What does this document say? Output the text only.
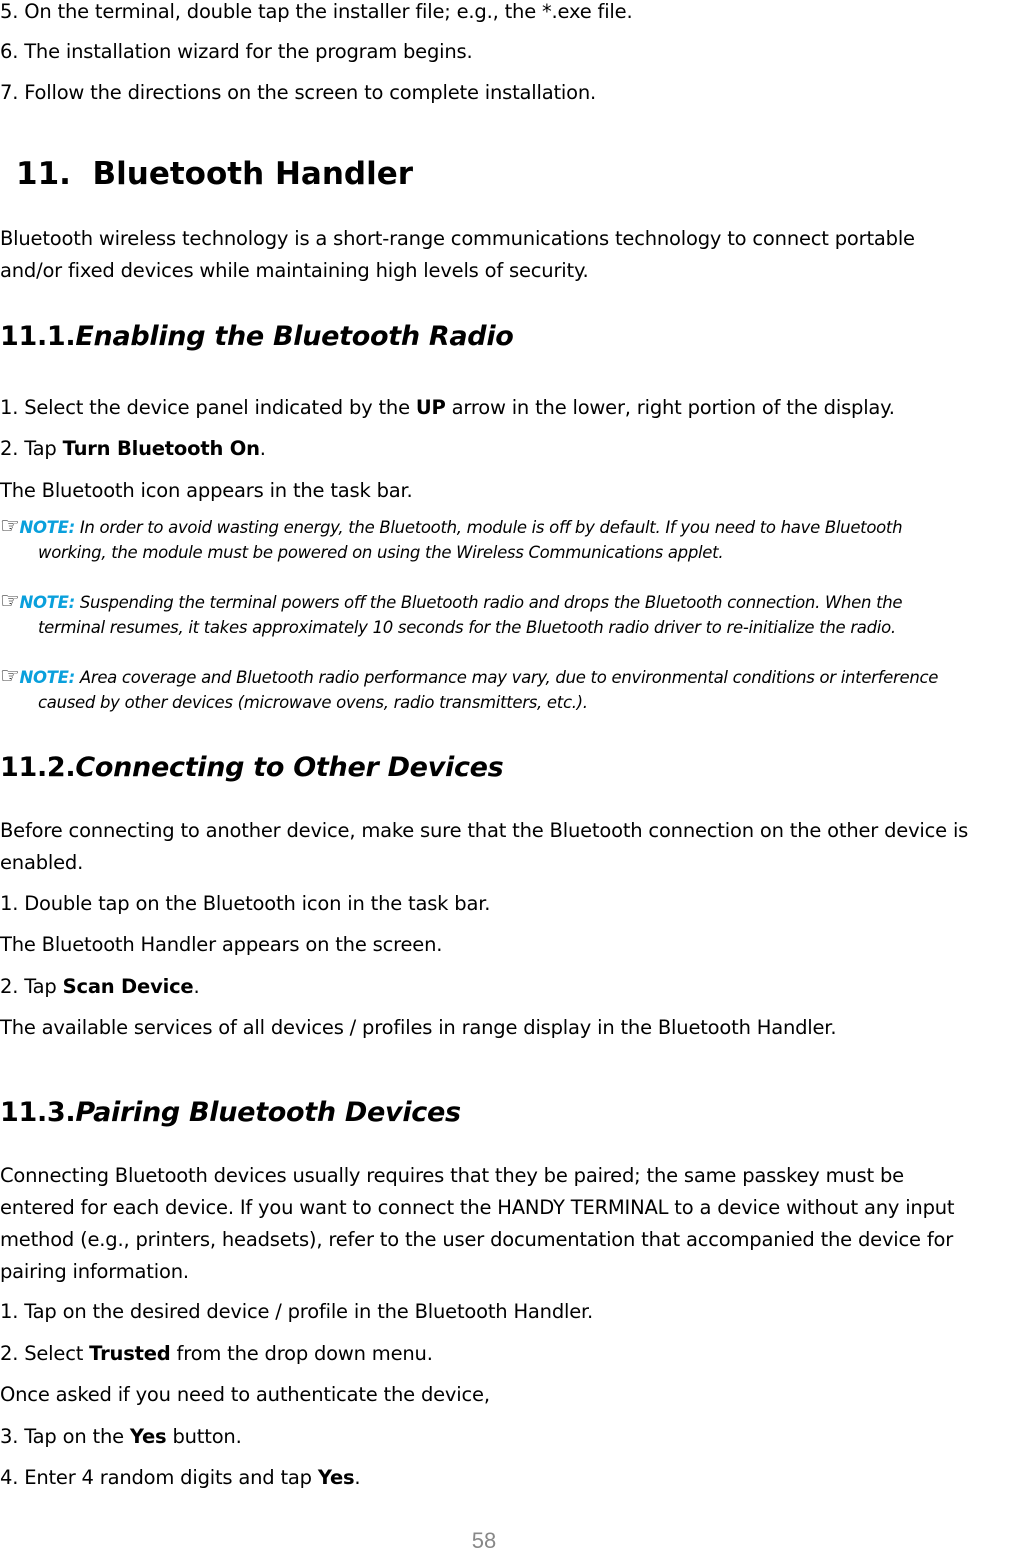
5. On the terminal, double tap the installer file; e.g., the *.exe file.
6. The installation wizard for the program begins.
7. Follow the directions on the screen to complete installation.
11. Bluetooth Handler
Bluetooth wireless technology is a short-range communications technology to connect portable
and/or fixed devices while maintaining high levels of security.
11.1.Enabling the Bluetooth Radio
1. Select the device panel indicated by the UP arrow in the lower, right portion of the display.
2. Tap Turn Bluetooth On.
The Bluetooth icon appears in the task bar.
☞NOTE: In order to avoid wasting energy, the Bluetooth, module is off by default. If you need to have Bluetooth
working, the module must be powered on using the Wireless Communications applet.
☞NOTE: Suspending the terminal powers off the Bluetooth radio and drops the Bluetooth connection. When the
terminal resumes, it takes approximately 10 seconds for the Bluetooth radio driver to re-initialize the radio.
☞NOTE: Area coverage and Bluetooth radio performance may vary, due to environmental conditions or interference
caused by other devices (microwave ovens, radio transmitters, etc.).
11.2.Connecting to Other Devices
Before connecting to another device, make sure that the Bluetooth connection on the other device is
enabled.
1. Double tap on the Bluetooth icon in the task bar.
The Bluetooth Handler appears on the screen.
2. Tap Scan Device.
The available services of all devices / profiles in range display in the Bluetooth Handler.
11.3.Pairing Bluetooth Devices
Connecting Bluetooth devices usually requires that they be paired; the same passkey must be
entered for each device. If you want to connect the HANDY TERMINAL to a device without any input
method (e.g., printers, headsets), refer to the user documentation that accompanied the device for
pairing information.
1. Tap on the desired device / profile in the Bluetooth Handler.
2. Select Trusted from the drop down menu.
Once asked if you need to authenticate the device,
3. Tap on the Yes button.
4. Enter 4 random digits and tap Yes.
58
